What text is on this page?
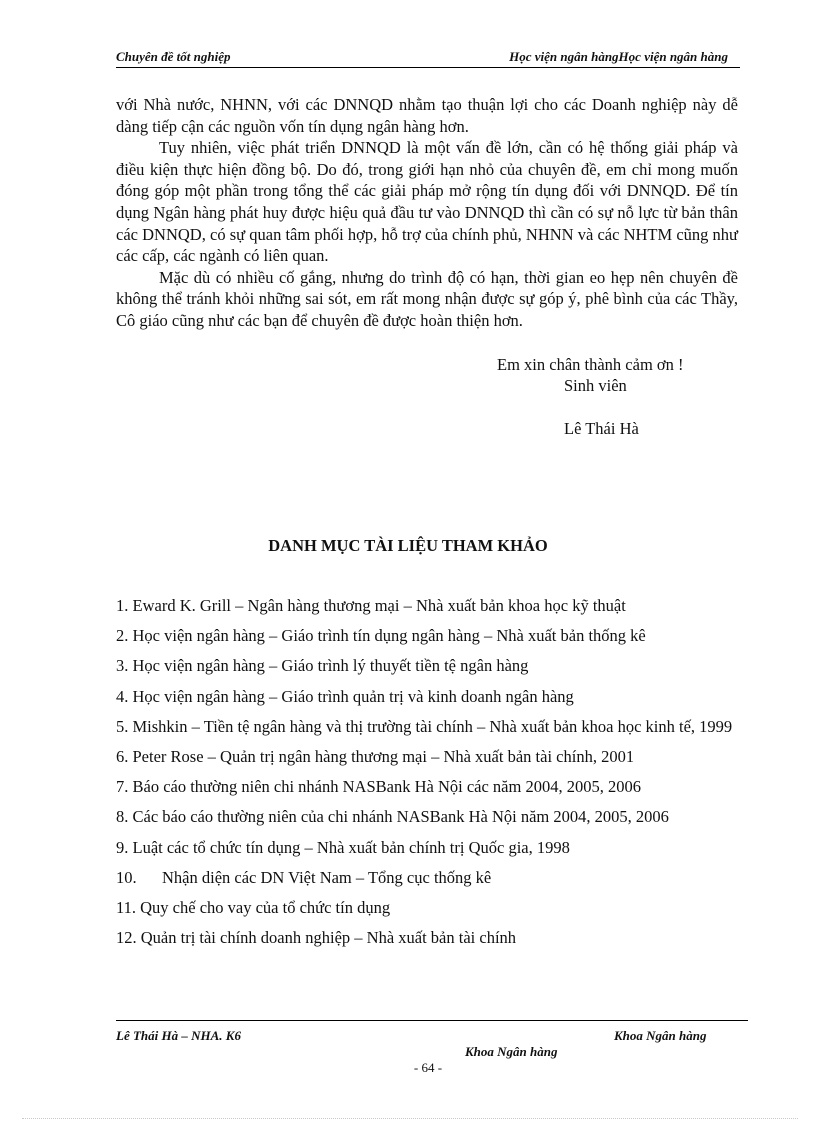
Chuyên đề tốt nghiệp	Học viện ngân hàngHọc viện ngân hàng

với Nhà nước, NHNN, với các DNNQD nhằm tạo thuận lợi cho các Doanh nghiệp này dễ dàng tiếp cận các nguồn vốn tín dụng ngân hàng hơn.

Tuy nhiên, việc phát triển DNNQD là một vấn đề lớn, cần có hệ thống giải pháp và điều kiện thực hiện đồng bộ. Do đó, trong giới hạn nhỏ của chuyên đề, em chỉ mong muốn đóng góp một phần trong tổng thể các giải pháp mở rộng tín dụng đối với DNNQD. Để tín dụng Ngân hàng phát huy được hiệu quả đầu tư vào DNNQD thì cần có sự nỗ lực từ bản thân các DNNQD, có sự quan tâm phối hợp, hỗ trợ của chính phủ, NHNN và các NHTM cũng như các cấp, các ngành có liên quan.

Mặc dù có nhiều cố gắng, nhưng do trình độ có hạn, thời gian eo hẹp nên chuyên đề không thể tránh khỏi những sai sót, em rất mong nhận được sự góp ý, phê bình của các Thầy, Cô giáo cũng như các bạn để chuyên đề được hoàn thiện hơn.

Em xin chân thành cảm ơn !
Sinh viên
Lê Thái Hà
DANH MỤC TÀI LIỆU THAM KHẢO

1. Eward K. Grill – Ngân hàng thương mại – Nhà xuất bản khoa học kỹ thuật

2. Học viện ngân hàng – Giáo trình tín dụng ngân hàng – Nhà xuất bản thống kê

3. Học viện ngân hàng – Giáo trình lý thuyết tiền tệ ngân hàng

4. Học viện ngân hàng – Giáo trình quản trị và kinh doanh ngân hàng

5. Mishkin – Tiền tệ ngân hàng và thị trường tài chính – Nhà xuất bản khoa học kinh tế, 1999

6. Peter Rose – Quản trị ngân hàng thương mại – Nhà xuất bản tài chính, 2001

7. Báo cáo thường niên chi nhánh NASBank Hà Nội các năm 2004, 2005, 2006

8. Các báo cáo thường niên của chi nhánh NASBank Hà Nội năm 2004, 2005, 2006

9. Luật các tổ chức tín dụng – Nhà xuất bản chính trị Quốc gia, 1998

10. Nhận diện các DN Việt Nam – Tổng cục thống kê

11. Quy chế cho vay của tổ chức tín dụng

12. Quản trị tài chính doanh nghiệp – Nhà xuất bản tài chính

Lê Thái Hà – NHA. K6	Khoa Ngân hàng
Khoa Ngân hàng
- 64 -
